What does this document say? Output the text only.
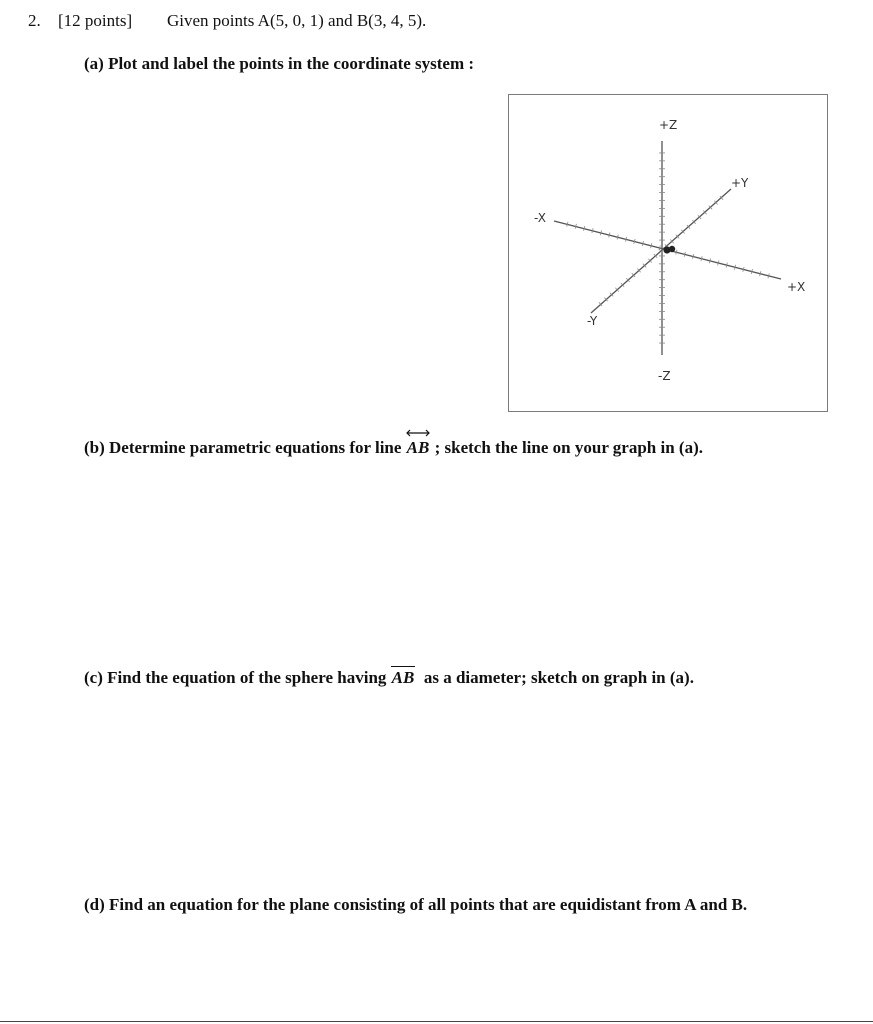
2. [12 points] Given points A(5, 0, 1) and B(3, 4, 5).
(a) Plot and label the points in the coordinate system :
+Z
-Z
+Y
-Y
+X
-X
(b) Determine parametric equations for line AB ; sketch the line on your graph in (a).
(c) Find the equation of the sphere having AB as a diameter; sketch on graph in (a).
(d) Find an equation for the plane consisting of all points that are equidistant from A and B.
